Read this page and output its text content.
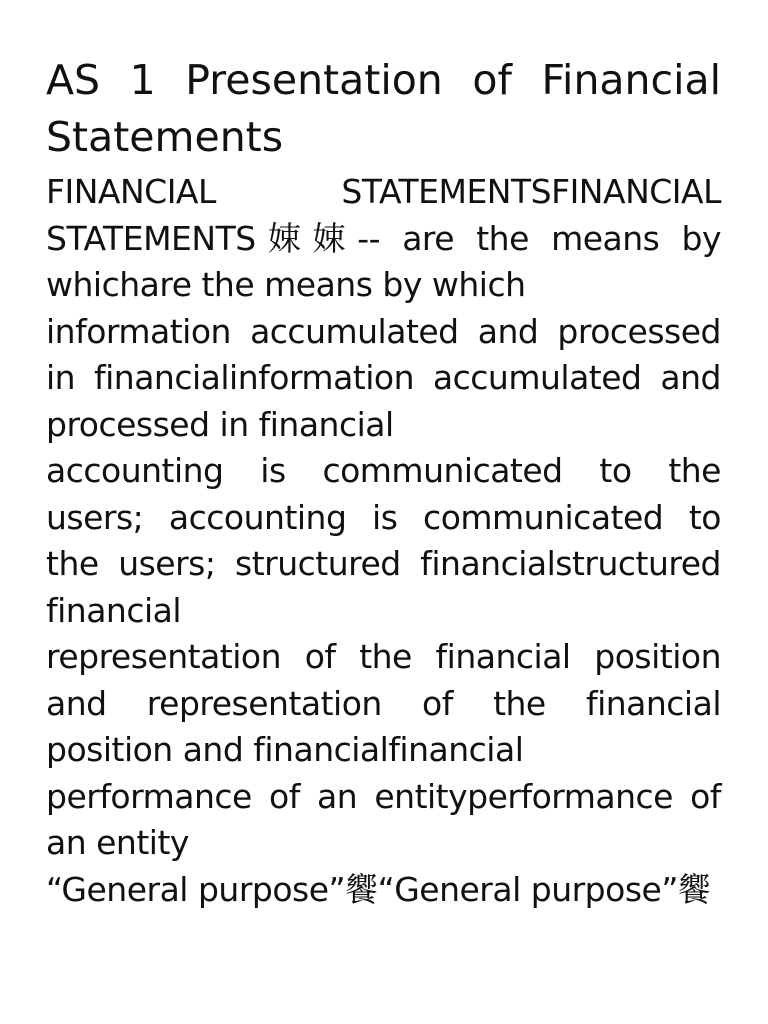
AS 1 Presentation of Financial Statements

FINANCIAL STATEMENTSFINANCIAL STATEMENTS娕娕-- are the means by whichare the means by which

information accumulated and processed in financialinformation accumulated and processed in financial

accounting is communicated to the users; accounting is communicated to the users; structured financialstructured financial

representation of the financial position and representation of the financial position and financialfinancial

performance of an entityperformance of an entity

“General purpose”饗“General purpose”饗
